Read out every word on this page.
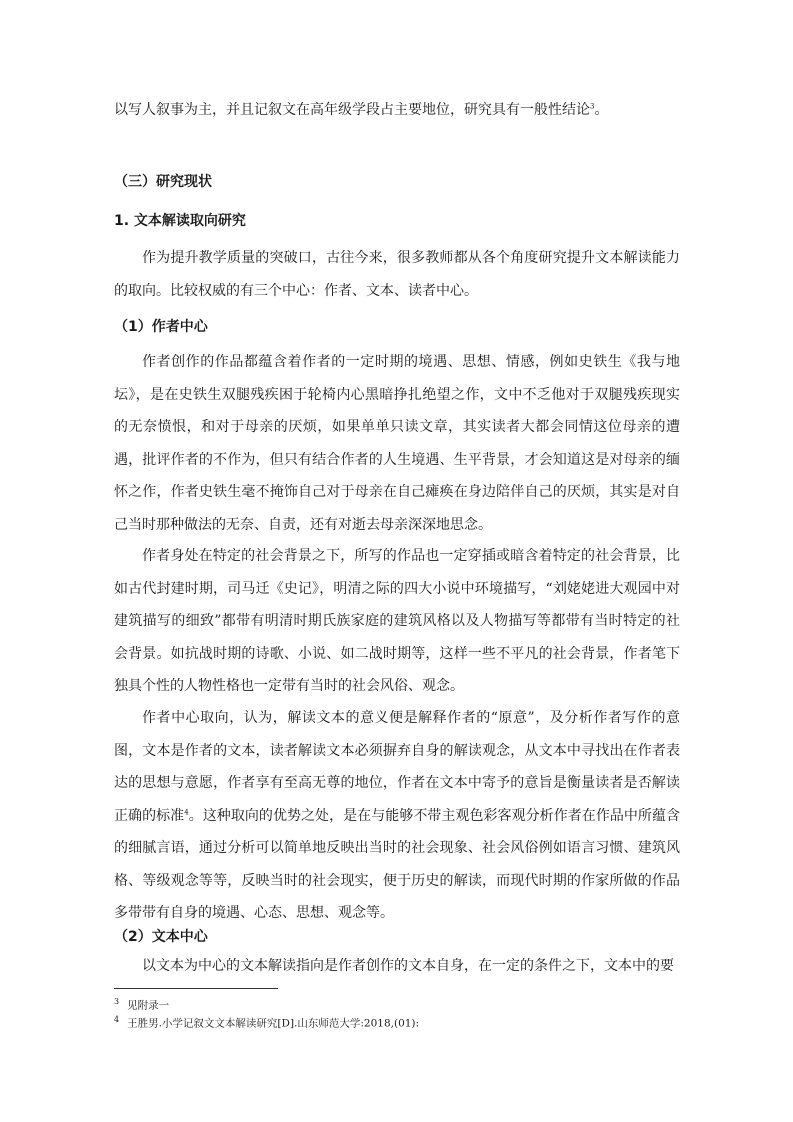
以写人叙事为主，并且记叙文在高年级学段占主要地位，研究具有一般性结论$^3$。

（三）研究现状
1. 文本解读取向研究

作为提升教学质量的突破口，古往今来，很多教师都从各个角度研究提升文本解读能力的取向。比较权威的有三个中心：作者、文本、读者中心。

（1）作者中心

作者创作的作品都蕴含着作者的一定时期的境遇、思想、情感，例如史铁生《我与地坛》，是在史铁生双腿残疾困于轮椅内心黑暗挣扎绝望之作，文中不乏他对于双腿残疾现实的无奈愤恨，和对于母亲的厌烦，如果单单只读文章，其实读者大都会同情这位母亲的遭遇，批评作者的不作为，但只有结合作者的人生境遇、生平背景，才会知道这是对母亲的缅怀之作，作者史铁生毫不掩饰自己对于母亲在自己瘫痪在身边陪伴自己的厌烦，其实是对自己当时那种做法的无奈、自责，还有对逝去母亲深深地思念。

作者身处在特定的社会背景之下，所写的作品也一定穿插或暗含着特定的社会背景，比如古代封建时期，司马迁《史记》，明清之际的四大小说中环境描写，“刘姥姥进大观园中对建筑描写的细致”都带有明清时期氏族家庭的建筑风格以及人物描写等都带有当时特定的社会背景。如抗战时期的诗歌、小说、如二战时期等，这样一些不平凡的社会背景，作者笔下独具个性的人物性格也一定带有当时的社会风俗、观念。

作者中心取向，认为，解读文本的意义便是解释作者的“原意”，及分析作者写作的意图，文本是作者的文本，读者解读文本必须摒弃自身的解读观念，从文本中寻找出在作者表达的思想与意愿，作者享有至高无尊的地位，作者在文本中寄予的意旨是衡量读者是否解读正确的标准$^4$。这种取向的优势之处，是在与能够不带主观色彩客观分析作者在作品中所蕴含的细腻言语，通过分析可以简单地反映出当时的社会现象、社会风俗例如语言习惯、建筑风格、等级观念等等，反映当时的社会现实，便于历史的解读，而现代时期的作家所做的作品多带带有自身的境遇、心态、思想、观念等。

（2）文本中心

以文本为中心的文本解读指向是作者创作的文本自身，在一定的条件之下，文本中的要

$^3$ 见附录一

$^4$ 王胜男.小学记叙文文本解读研究[D].山东师范大学:2018,(01):
